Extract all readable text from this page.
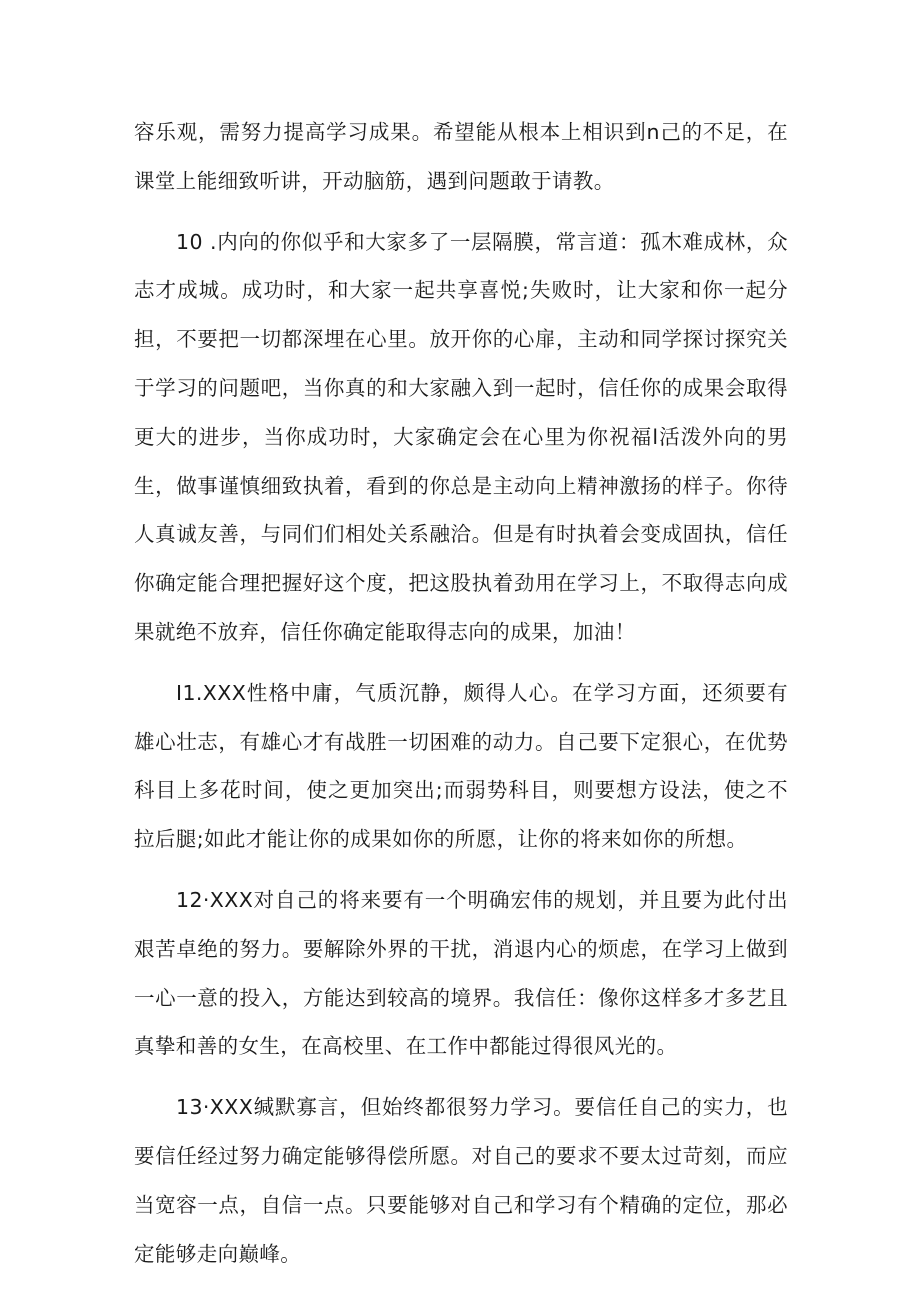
容乐观，需努力提高学习成果。希望能从根本上相识到n己的不足，在课堂上能细致听讲，开动脑筋，遇到问题敢于请教。

10 .内向的你似乎和大家多了一层隔膜，常言道：孤木难成林，众志才成城。成功时，和大家一起共享喜悦;失败时，让大家和你一起分担，不要把一切都深埋在心里。放开你的心扉，主动和同学探讨探究关于学习的问题吧，当你真的和大家融入到一起时，信任你的成果会取得更大的进步，当你成功时，大家确定会在心里为你祝福l活泼外向的男生，做事谨慎细致执着，看到的你总是主动向上精神激扬的样子。你待人真诚友善，与同们们相处关系融洽。但是有时执着会变成固执，信任你确定能合理把握好这个度，把这股执着劲用在学习上，不取得志向成果就绝不放弃，信任你确定能取得志向的成果，加油！

I1.XXX性格中庸，气质沉静，颇得人心。在学习方面，还须要有雄心壮志，有雄心才有战胜一切困难的动力。自己要下定狠心，在优势科目上多花时间，使之更加突出;而弱势科目，则要想方设法，使之不拉后腿;如此才能让你的成果如你的所愿，让你的将来如你的所想。

12·XXX对自己的将来要有一个明确宏伟的规划，并且要为此付出艰苦卓绝的努力。要解除外界的干扰，消退内心的烦虑，在学习上做到一心一意的投入，方能达到较高的境界。我信任：像你这样多才多艺且真挚和善的女生，在高校里、在工作中都能过得很风光的。

13·XXX缄默寡言，但始终都很努力学习。要信任自己的实力，也要信任经过努力确定能够得偿所愿。对自己的要求不要太过苛刻，而应当宽容一点，自信一点。只要能够对自己和学习有个精确的定位，那必定能够走向巅峰。
